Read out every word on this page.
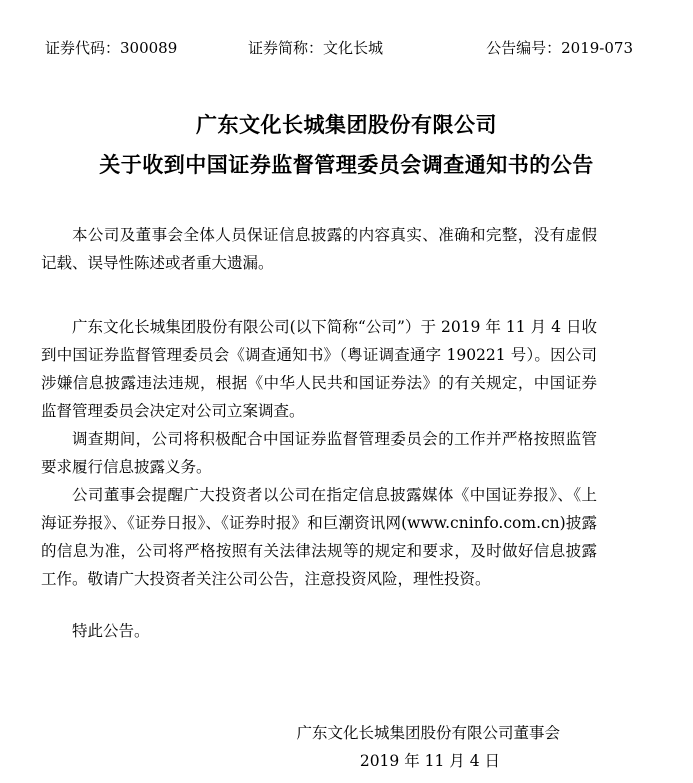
证券代码：300089	证券简称：文化长城	公告编号：2019-073
广东文化长城集团股份有限公司
关于收到中国证券监督管理委员会调查通知书的公告

本公司及董事会全体人员保证信息披露的内容真实、准确和完整，没有虚假记载、误导性陈述或者重大遗漏。

广东文化长城集团股份有限公司(以下简称“公司”）于 2019 年 11 月 4 日收到中国证券监督管理委员会《调查通知书》（粤证调查通字 190221 号）。因公司涉嫌信息披露违法违规，根据《中华人民共和国证券法》的有关规定，中国证券监督管理委员会决定对公司立案调查。

调查期间，公司将积极配合中国证券监督管理委员会的工作并严格按照监管要求履行信息披露义务。

公司董事会提醒广大投资者以公司在指定信息披露媒体《中国证券报》、《上海证券报》、《证券日报》、《证券时报》和巨潮资讯网(www.cninfo.com.cn)披露的信息为准，公司将严格按照有关法律法规等的规定和要求，及时做好信息披露工作。敬请广大投资者关注公司公告，注意投资风险，理性投资。

特此公告。

广东文化长城集团股份有限公司董事会
2019 年 11 月 4 日
